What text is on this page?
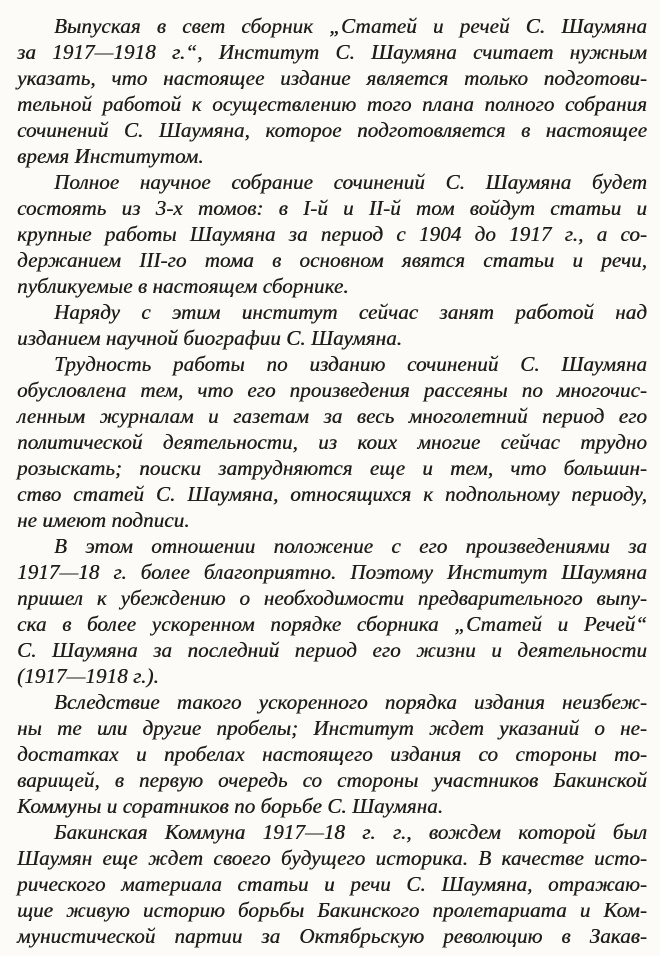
Выпуская в свет сборник „Статей и речей С. Шаумяна
за 1917—1918 г.“, Институт С. Шаумяна считает нужным
указать, что настоящее издание является только подготови-
тельной работой к осуществлению того плана полного собрания
сочинений С. Шаумяна, которое подготовляется в настоящее
время Институтом.

Полное научное собрание сочинений С. Шаумяна будет
состоять из 3-х томов: в I-й и II-й том войдут статьи и
крупные работы Шаумяна за период с 1904 до 1917 г., а со-
держанием III-го тома в основном явятся статьи и речи,
публикуемые в настоящем сборнике.

Наряду с этим институт сейчас занят работой над
изданием научной биографии С. Шаумяна.

Трудность работы по изданию сочинений С. Шаумяна
обусловлена тем, что его произведения рассеяны по многочис-
ленным журналам и газетам за весь многолетний период его
политической деятельности, из коих многие сейчас трудно
розыскать; поиски затрудняются еще и тем, что большин-
ство статей С. Шаумяна, относящихся к подпольному периоду,
не имеют подписи.

В этом отношении положение с его произведениями за
1917—18 г. более благоприятно. Поэтому Институт Шаумяна
пришел к убеждению о необходимости предварительного выпу-
ска в более ускоренном порядке сборника „Статей и Речей“
С. Шаумяна за последний период его жизни и деятельности
(1917—1918 г.).

Вследствие такого ускоренного порядка издания неизбеж-
ны те или другие пробелы; Институт ждет указаний о не-
достатках и пробелах настоящего издания со стороны то-
варищей, в первую очередь со стороны участников Бакинской
Коммуны и соратников по борьбе С. Шаумяна.

Бакинская Коммуна 1917—18 г. г., вождем которой был
Шаумян еще ждет своего будущего историка. В качестве исто-
рического материала статьи и речи С. Шаумяна, отражаю-
щие живую историю борьбы Бакинского пролетариата и Ком-
мунистической партии за Октябрьскую революцию в Закав-
